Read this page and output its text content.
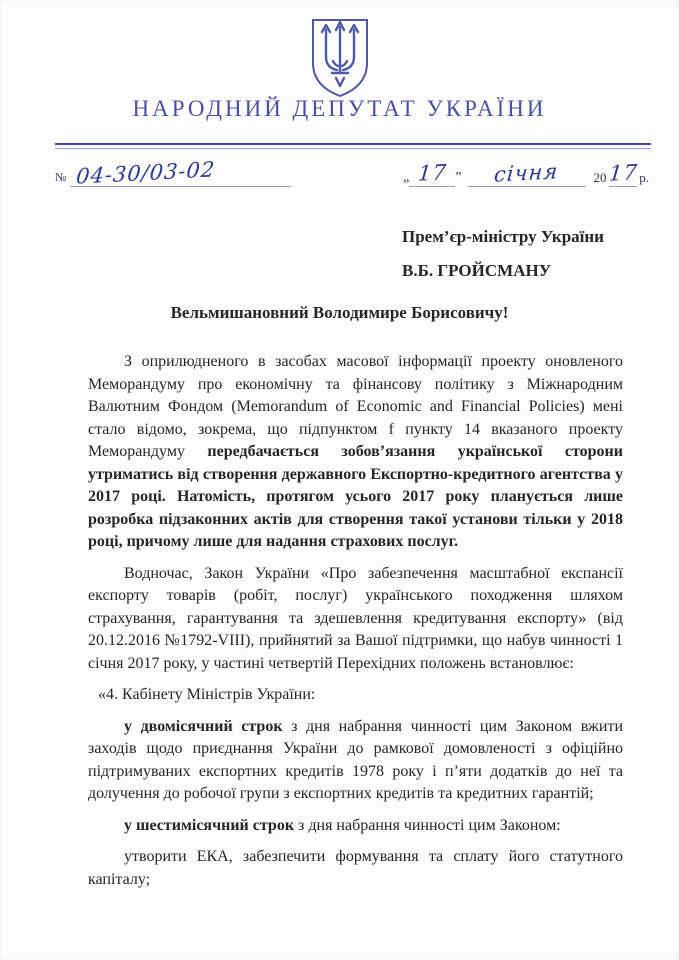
НАРОДНИЙ ДЕПУТАТ УКРАЇНИ
№ 04-30/03-02	„ 17 ”	січня	20 17 р.

Прем’єр-міністру України

В.Б. ГРОЙСМАНУ

Вельмишановний Володимире Борисовичу!

З оприлюдненого в засобах масової інформації проекту оновленого Меморандуму про економічну та фінансову політику з Міжнародним Валютним Фондом (Memorandum of Economic and Financial Policies) мені стало відомо, зокрема, що підпунктом f пункту 14 вказаного проекту Меморандуму передбачається зобов’язання української сторони утриматись від створення державного Експортно-кредитного агентства у 2017 році. Натомість, протягом усього 2017 року планується лише розробка підзаконних актів для створення такої установи тільки у 2018 році, причому лише для надання страхових послуг.

Водночас, Закон України «Про забезпечення масштабної експансії експорту товарів (робіт, послуг) українського походження шляхом страхування, гарантування та здешевлення кредитування експорту» (від 20.12.2016 №1792-VIII), прийнятий за Вашої підтримки, що набув чинності 1 січня 2017 року, у частині четвертій Перехідних положень встановлює:

«4. Кабінету Міністрів України:

у двомісячний строк з дня набрання чинності цим Законом вжити заходів щодо приєднання України до рамкової домовленості з офіційно підтримуваних експортних кредитів 1978 року і п’яти додатків до неї та долучення до робочої групи з експортних кредитів та кредитних гарантій;

у шестимісячний строк з дня набрання чинності цим Законом:

утворити ЕКА, забезпечити формування та сплату його статутного капіталу;
